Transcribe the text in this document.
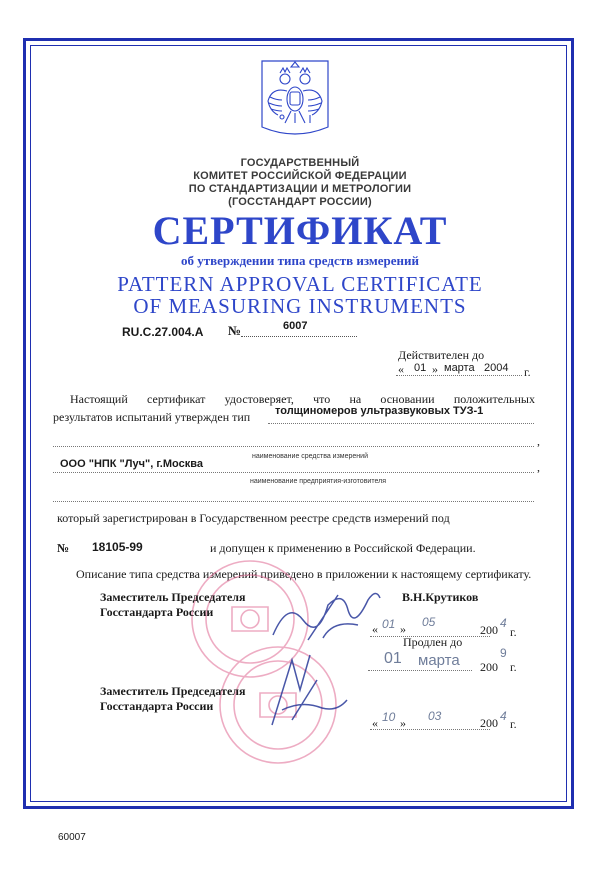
ГОСУДАРСТВЕННЫЙ
КОМИТЕТ РОССИЙСКОЙ ФЕДЕРАЦИИ
ПО СТАНДАРТИЗАЦИИ И МЕТРОЛОГИИ
(ГОССТАНДАРТ РОССИИ)
СЕРТИФИКАТ
об утверждении типа средств измерений
PATTERN APPROVAL CERTIFICATE
OF MEASURING INSTRUMENTS
RU.C.27.004.A №	6007
Действителен до
« 01 » марта 2004 г.
Настоящий сертификат удостоверяет, что на основании положительных
результатов испытаний утвержден тип толщиномеров ультразвуковых ТУЗ-1
,
наименование средства измерений
ООО "НПК "Луч", г.Москва	,
наименование предприятия-изготовителя
который зарегистрирован в Государственном реестре средств измерений под
№ 18105-99	и допущен к применению в Российской Федерации.
Описание типа средства измерений приведено в приложении к настоящему сертификату.
Заместитель Председателя
Госстандарта России
В.Н.Крутиков
« 01 » 05
200 4
г.
Продлен до
01 марта 200
9
г.
Заместитель Председателя
Госстандарта России
« 10 » 03	200 4
г.
60007
